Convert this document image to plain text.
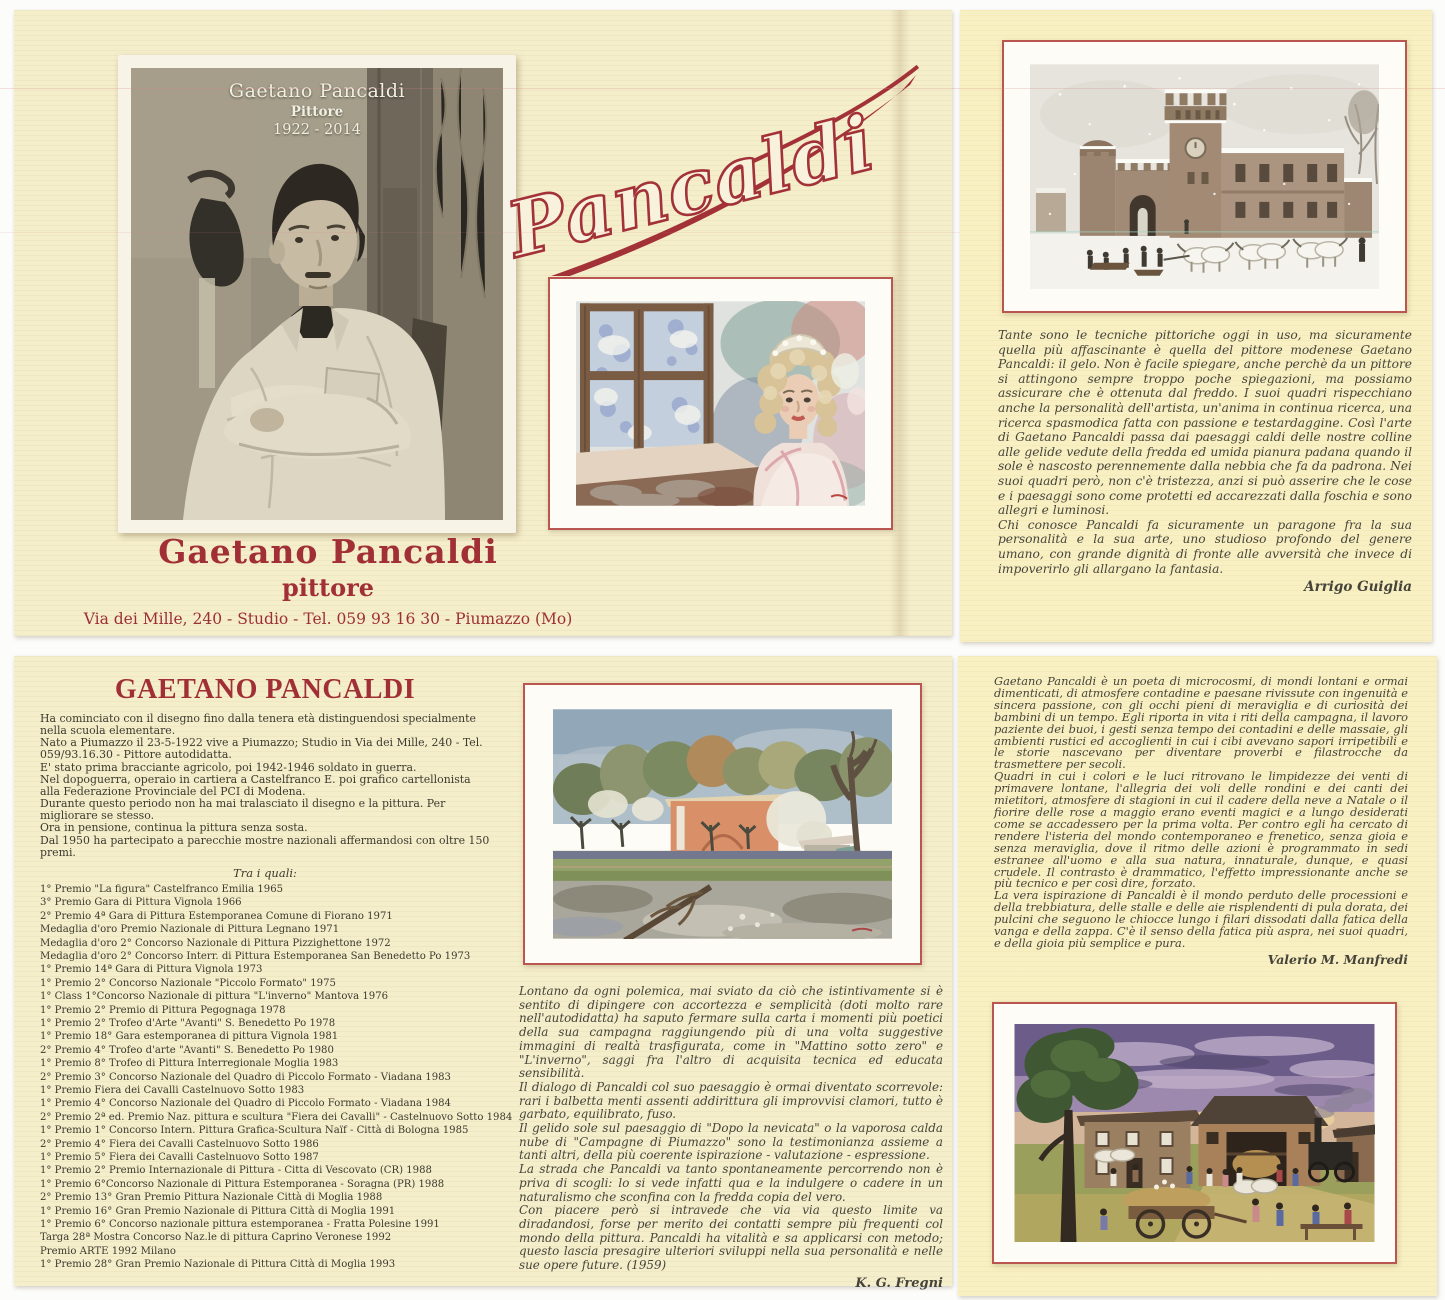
Gaetano Pancaldi
Pittore
1922 - 2014	Pancaldi
Gaetano Pancaldi
pittore
Via dei Mille, 240 - Studio - Tel. 059 93 16 30 - Piumazzo (Mo)

Tante sono le tecniche pittoriche oggi in uso, ma sicuramente quella più affascinante è quella del pittore modenese Gaetano Pancaldi: il gelo. Non è facile spiegare, anche perchè da un pittore si attingono sempre troppo poche spiegazioni, ma possiamo assicurare che è ottenuta dal freddo. I suoi quadri rispecchiano anche la personalità dell'artista, un'anima in continua ricerca, una ricerca spasmodica fatta con passione e testardaggine. Così l'arte di Gaetano Pancaldi passa dai paesaggi caldi delle nostre colline alle gelide vedute della fredda ed umida pianura padana quando il sole è nascosto perennemente dalla nebbia che fa da padrona. Nei suoi quadri però, non c'è tristezza, anzi si può asserire che le cose e i paesaggi sono come protetti ed accarezzati dalla foschia e sono allegri e luminosi.

Chi conosce Pancaldi fa sicuramente un paragone fra la sua personalità e la sua arte, uno studioso profondo del genere umano, con grande dignità di fronte alle avversità che invece di impoverirlo gli allargano la fantasia.

Arrigo Guiglia
GAETANO PANCALDI

Ha cominciato con il disegno fino dalla tenera età distinguendosi specialmente nella scuola elementare.

Nato a Piumazzo il 23-5-1922 vive a Piumazzo; Studio in Via dei Mille, 240 - Tel. 059/93.16.30 - Pittore autodidatta.

E' stato prima bracciante agricolo, poi 1942-1946 soldato in guerra.

Nel dopoguerra, operaio in cartiera a Castelfranco E. poi grafico cartellonista alla Federazione Provinciale del PCI di Modena.

Durante questo periodo non ha mai tralasciato il disegno e la pittura. Per migliorare se stesso.

Ora in pensione, continua la pittura senza sosta.

Dal 1950 ha partecipato a parecchie mostre nazionali affermandosi con oltre 150 premi.

Tra i quali:
1° Premio "La figura" Castelfranco Emilia 1965
3° Premio Gara di Pittura Vignola 1966
2° Premio 4ª Gara di Pittura Estemporanea Comune di Fiorano 1971
Medaglia d'oro Premio Nazionale di Pittura Legnano 1971
Medaglia d'oro 2° Concorso Nazionale di Pittura Pizzighettone 1972
Medaglia d'oro 2° Concorso Interr. di Pittura Estemporanea San Benedetto Po 1973
1° Premio 14ª Gara di Pittura Vignola 1973
1° Premio 2° Concorso Nazionale "Piccolo Formato" 1975
1° Class 1°Concorso Nazionale di pittura "L'inverno" Mantova 1976
1° Premio 2° Premio di Pittura Pegognaga 1978
1° Premio 2° Trofeo d'Arte "Avanti" S. Benedetto Po 1978
1° Premio 18° Gara estemporanea di pittura Vignola 1981
2° Premio 4° Trofeo d'arte "Avanti" S. Benedetto Po 1980
1° Premio 8° Trofeo di Pittura Interregionale Moglia 1983
2° Premio 3° Concorso Nazionale del Quadro di Piccolo Formato - Viadana 1983
1° Premio Fiera dei Cavalli Castelnuovo Sotto 1983
1° Premio 4° Concorso Nazionale del Quadro di Piccolo Formato - Viadana 1984
2° Premio 2ª ed. Premio Naz. pittura e scultura "Fiera dei Cavalli" - Castelnuovo Sotto 1984
1° Premio 1° Concorso Intern. Pittura Grafica-Scultura Naïf - Città di Bologna 1985
2° Premio 4° Fiera dei Cavalli Castelnuovo Sotto 1986
1° Premio 5° Fiera dei Cavalli Castelnuovo Sotto 1987
1° Premio 2° Premio Internazionale di Pittura - Citta di Vescovato (CR) 1988
1° Premio 6°Concorso Nazionale di Pittura Estemporanea - Soragna (PR) 1988
2° Premio 13° Gran Premio Pittura Nazionale Città di Moglia 1988
1° Premio 16° Gran Premio Nazionale di Pittura Città di Moglia 1991
1° Premio 6° Concorso nazionale pittura estemporanea - Fratta Polesine 1991
Targa 28ª Mostra Concorso Naz.le di pittura Caprino Veronese 1992
Premio ARTE 1992 Milano
1° Premio 28° Gran Premio Nazionale di Pittura Città di Moglia 1993

Lontano da ogni polemica, mai sviato da ciò che istintivamente si è sentito di dipingere con accortezza e semplicità (doti molto rare nell'autodidatta) ha saputo fermare sulla carta i momenti più poetici della sua campagna raggiungendo più di una volta suggestive immagini di realtà trasfigurata, come in "Mattino sotto zero" e "L'inverno", saggi fra l'altro di acquisita tecnica ed educata sensibilità.

Il dialogo di Pancaldi col suo paesaggio è ormai diventato scorrevole: rari i balbetta menti assenti addirittura gli improvvisi clamori, tutto è garbato, equilibrato, fuso.

Il gelido sole sul paesaggio di "Dopo la nevicata" o la vaporosa calda nube di "Campagne di Piumazzo" sono la testimonianza assieme a tanti altri, della più coerente ispirazione - valutazione - espressione.

La strada che Pancaldi va tanto spontaneamente percorrendo non è priva di scogli: lo si vede infatti qua e la indulgere o cadere in un naturalismo che sconfina con la fredda copia del vero.

Con piacere però si intravede che via via questo limite va diradandosi, forse per merito dei contatti sempre più frequenti col mondo della pittura. Pancaldi ha vitalità e sa applicarsi con metodo; questo lascia presagire ulteriori sviluppi nella sua personalità e nelle sue opere future. (1959)

K. G. Fregni

Gaetano Pancaldi è un poeta di microcosmi, di mondi lontani e ormai dimenticati, di atmosfere contadine e paesane rivissute con ingenuità e sincera passione, con gli occhi pieni di meraviglia e di curiosità dei bambini di un tempo. Egli riporta in vita i riti della campagna, il lavoro paziente dei buoi, i gesti senza tempo dei contadini e delle massaie, gli ambienti rustici ed accoglienti in cui i cibi avevano sapori irripetibili e le storie nascevano per diventare proverbi e filastrocche da trasmettere per secoli.

Quadri in cui i colori e le luci ritrovano le limpidezze dei venti di primavere lontane, l'allegria dei voli delle rondini e dei canti dei mietitori, atmosfere di stagioni in cui il cadere della neve a Natale o il fiorire delle rose a maggio erano eventi magici e a lungo desiderati come se accadessero per la prima volta. Per contro egli ha cercato di rendere l'isteria del mondo contemporaneo e frenetico, senza gioia e senza meraviglia, dove il ritmo delle azioni è programmato in sedi estranee all'uomo e alla sua natura, innaturale, dunque, e quasi crudele. Il contrasto è drammatico, l'effetto impressionante anche se più tecnico e per così dire, forzato.

La vera ispirazione di Pancaldi è il mondo perduto delle processioni e della trebbiatura, delle stalle e delle aie risplendenti di pula dorata, dei pulcini che seguono le chiocce lungo i filari dissodati dalla fatica della vanga e della zappa. C'è il senso della fatica più aspra, nei suoi quadri, e della gioia più semplice e pura.

Valerio M. Manfredi
